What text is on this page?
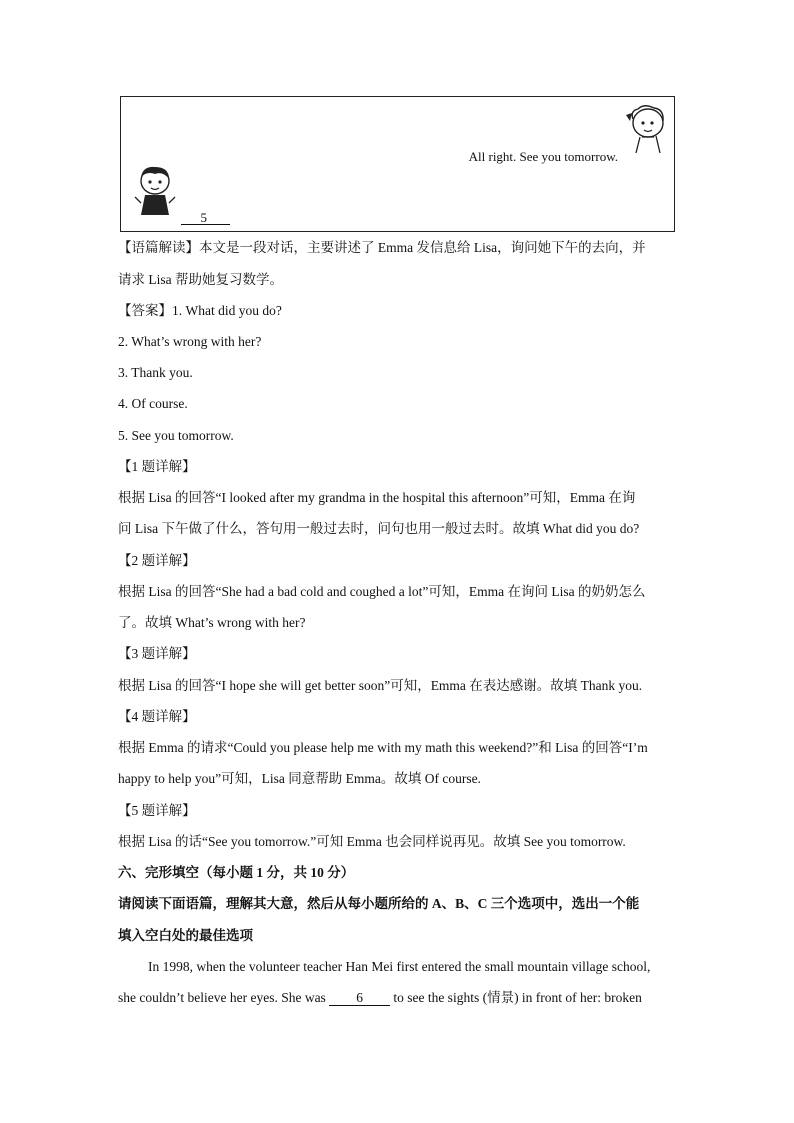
All right. See you tomorrow.
5
【语篇解读】本文是一段对话，主要讲述了 Emma 发信息给 Lisa，询问她下午的去向，并
请求 Lisa 帮助她复习数学。
【答案】1. What did you do?
2. What’s wrong with her?
3. Thank you.
4. Of course.
5. See you tomorrow.
【1 题详解】
根据 Lisa 的回答“I looked after my grandma in the hospital this afternoon”可知，Emma 在询
问 Lisa 下午做了什么，答句用一般过去时，问句也用一般过去时。故填 What did you do?
【2 题详解】
根据 Lisa 的回答“She had a bad cold and coughed a lot”可知，Emma 在询问 Lisa 的奶奶怎么
了。故填 What’s wrong with her?
【3 题详解】
根据 Lisa 的回答“I hope she will get better soon”可知，Emma 在表达感谢。故填 Thank you.
【4 题详解】
根据 Emma 的请求“Could you please help me with my math this weekend?”和 Lisa 的回答“I’m
happy to help you”可知，Lisa 同意帮助 Emma。故填 Of course.
【5 题详解】
根据 Lisa 的话“See you tomorrow.”可知 Emma 也会同样说再见。故填 See you tomorrow.
六、完形填空（每小题 1 分，共 10 分）
请阅读下面语篇，理解其大意，然后从每小题所给的 A、B、C 三个选项中，选出一个能
填入空白处的最佳选项
In 1998, when the volunteer teacher Han Mei first entered the small mountain village school,
she couldn’t believe her eyes. She was         6         to see the sights (情景) in front of her: broken
